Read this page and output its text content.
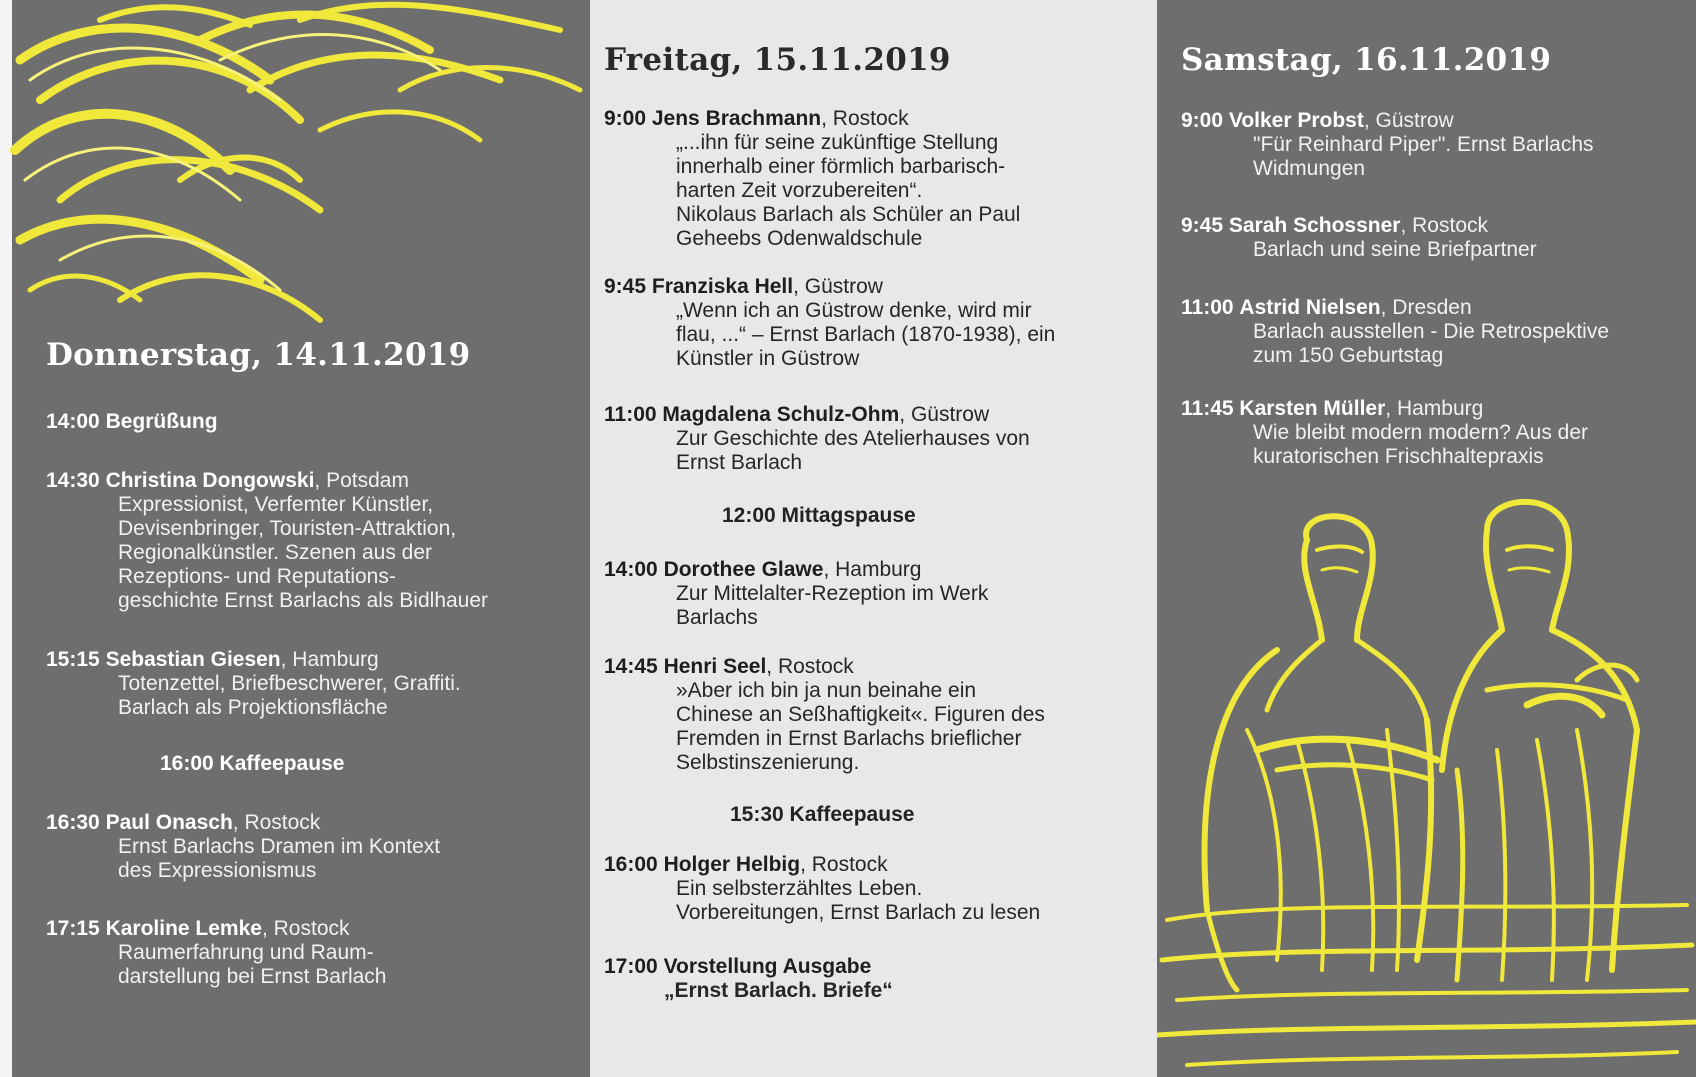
Donnerstag, 14.11.2019
14:00 Begrüßung
14:30 Christina Dongowski, Potsdam
Expressionist, Verfemter Künstler,
Devisenbringer, Touristen-Attraktion,
Regionalkünstler. Szenen aus der
Rezeptions- und Reputations-
geschichte Ernst Barlachs als Bidlhauer
15:15 Sebastian Giesen, Hamburg
Totenzettel, Briefbeschwerer, Graffiti.
Barlach als Projektionsfläche
16:00 Kaffeepause
16:30 Paul Onasch, Rostock
Ernst Barlachs Dramen im Kontext
des Expressionismus
17:15 Karoline Lemke, Rostock
Raumerfahrung und Raum-
darstellung bei Ernst Barlach
Freitag, 15.11.2019
9:00 Jens Brachmann, Rostock
„...ihn für seine zukünftige Stellung
innerhalb einer förmlich barbarisch-
harten Zeit vorzubereiten“.
Nikolaus Barlach als Schüler an Paul
Geheebs Odenwaldschule
9:45 Franziska Hell, Güstrow
„Wenn ich an Güstrow denke, wird mir
flau, ...“ – Ernst Barlach (1870-1938), ein
Künstler in Güstrow
11:00 Magdalena Schulz-Ohm, Güstrow
Zur Geschichte des Atelierhauses von
Ernst Barlach
12:00 Mittagspause
14:00 Dorothee Glawe, Hamburg
Zur Mittelalter-Rezeption im Werk
Barlachs
14:45 Henri Seel, Rostock
»Aber ich bin ja nun beinahe ein
Chinese an Seßhaftigkeit«. Figuren des
Fremden in Ernst Barlachs brieflicher
Selbstinszenierung.
15:30 Kaffeepause
16:00 Holger Helbig, Rostock
Ein selbsterzähltes Leben.
Vorbereitungen, Ernst Barlach zu lesen
17:00 Vorstellung Ausgabe
„Ernst Barlach. Briefe“
Samstag, 16.11.2019
9:00 Volker Probst, Güstrow
"Für Reinhard Piper". Ernst Barlachs
Widmungen
9:45 Sarah Schossner, Rostock
Barlach und seine Briefpartner
11:00 Astrid Nielsen, Dresden
Barlach ausstellen - Die Retrospektive
zum 150 Geburtstag
11:45 Karsten Müller, Hamburg
Wie bleibt modern modern? Aus der
kuratorischen Frischhaltepraxis
